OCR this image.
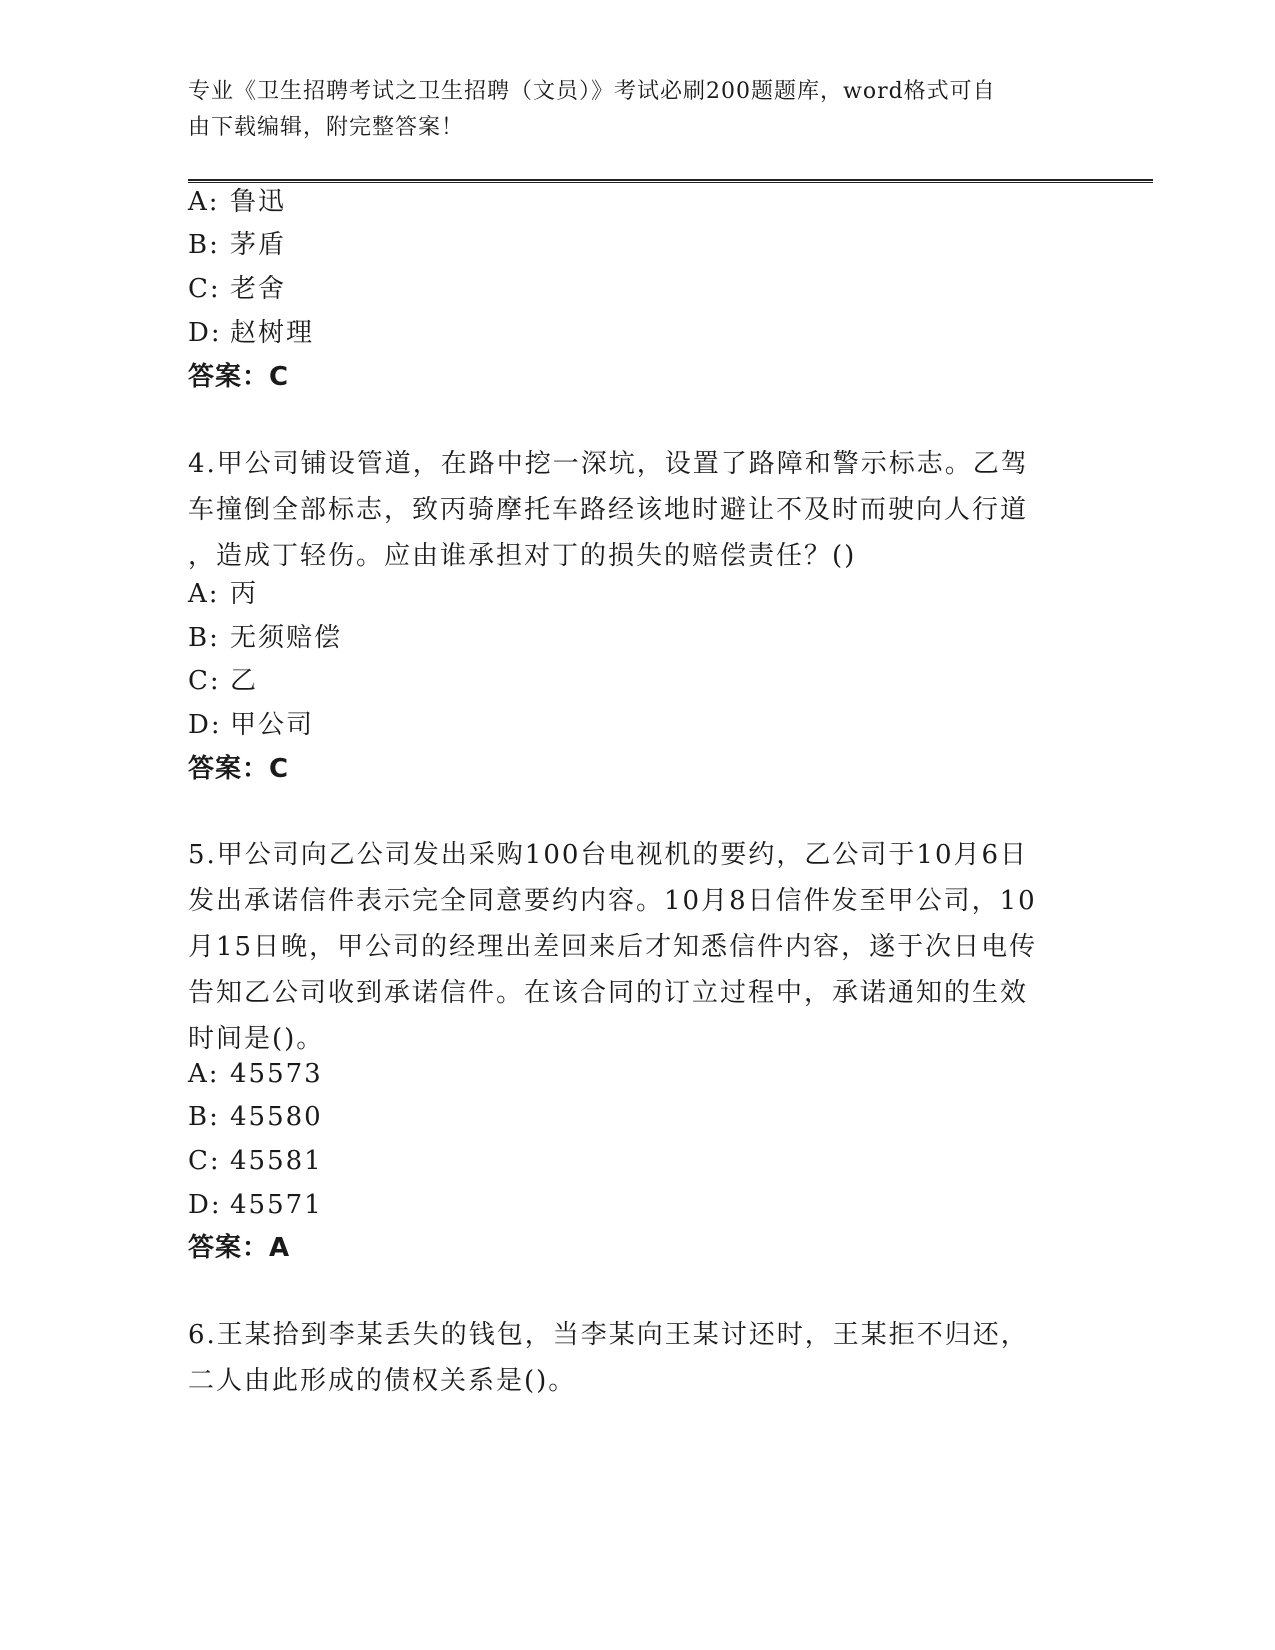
专业《卫生招聘考试之卫生招聘（文员）》考试必刷200题题库，word格式可自
由下载编辑，附完整答案！
A: 鲁迅
B: 茅盾
C: 老舍
D: 赵树理
答案：C
4.甲公司铺设管道，在路中挖一深坑，设置了路障和警示标志。乙驾
车撞倒全部标志，致丙骑摩托车路经该地时避让不及时而驶向人行道
，造成丁轻伤。应由谁承担对丁的损失的赔偿责任？()
A: 丙
B: 无须赔偿
C: 乙
D: 甲公司
答案：C
5.甲公司向乙公司发出采购100台电视机的要约，乙公司于10月6日
发出承诺信件表示完全同意要约内容。10月8日信件发至甲公司，10
月15日晚，甲公司的经理出差回来后才知悉信件内容，遂于次日电传
告知乙公司收到承诺信件。在该合同的订立过程中，承诺通知的生效
时间是()。
A: 45573
B: 45580
C: 45581
D: 45571
答案：A
6.王某拾到李某丢失的钱包，当李某向王某讨还时，王某拒不归还，
二人由此形成的债权关系是()。
